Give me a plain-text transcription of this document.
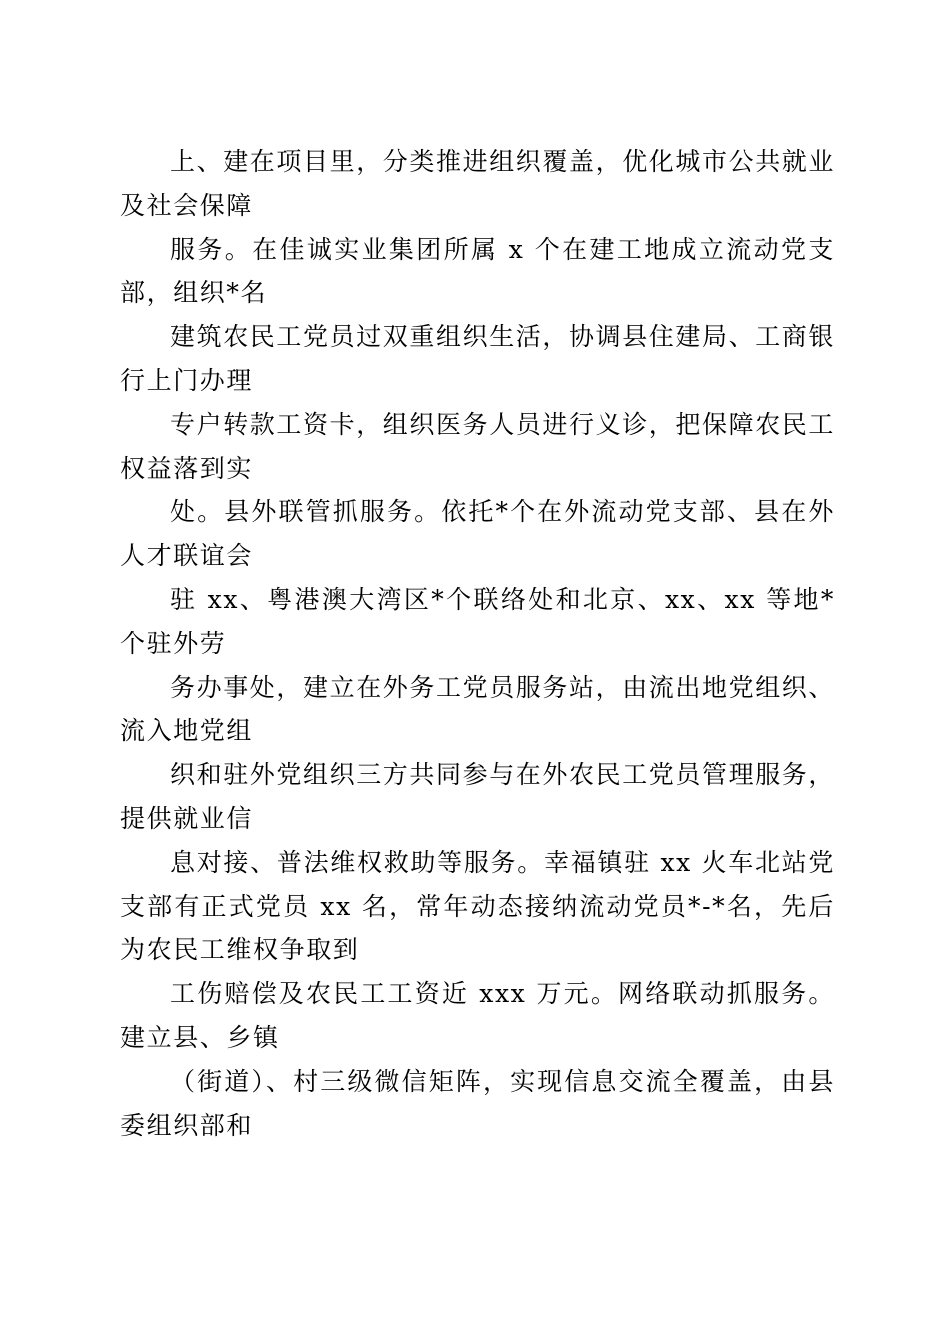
上、建在项目里，分类推进组织覆盖，优化城市公共就业及社会保障

服务。在佳诚实业集团所属 x 个在建工地成立流动党支部，组织*名

建筑农民工党员过双重组织生活，协调县住建局、工商银行上门办理

专户转款工资卡，组织医务人员进行义诊，把保障农民工权益落到实

处。县外联管抓服务。依托*个在外流动党支部、县在外人才联谊会

驻 xx、粤港澳大湾区*个联络处和北京、xx、xx 等地*个驻外劳

务办事处，建立在外务工党员服务站，由流出地党组织、流入地党组

织和驻外党组织三方共同参与在外农民工党员管理服务，提供就业信

息对接、普法维权救助等服务。幸福镇驻 xx 火车北站党支部有正式党员 xx 名，常年动态接纳流动党员*-*名，先后为农民工维权争取到

工伤赔偿及农民工工资近 xxx 万元。网络联动抓服务。建立县、乡镇

（街道）、村三级微信矩阵，实现信息交流全覆盖，由县委组织部和
